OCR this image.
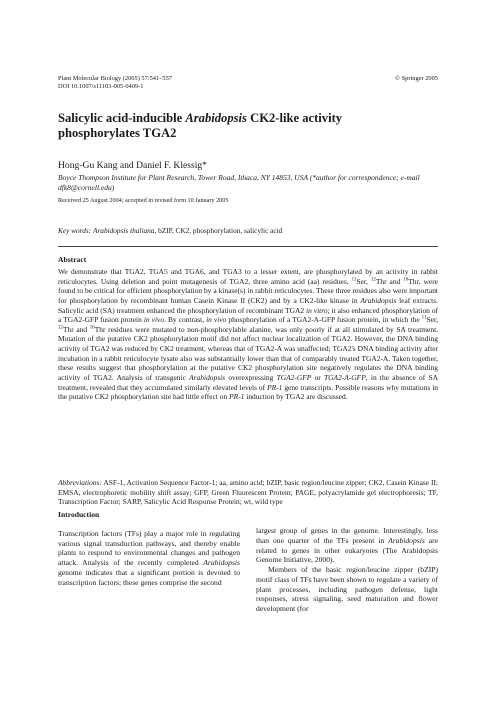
Plant Molecular Biology (2005) 57:541–557
DOI 10.1007/s11103-005-0409-1
© Springer 2005
Salicylic acid-inducible Arabidopsis CK2-like activity
phosphorylates TGA2
Hong-Gu Kang and Daniel F. Klessig*
Boyce Thompson Institute for Plant Research, Tower Road, Ithaca, NY 14853, USA (*author for correspondence; e-mail dfk8@cornell.edu)
Received 25 August 2004; accepted in revised form 10 January 2005
Key words: Arabidopsis thaliana, bZIP, CK2, phosphorylation, salicylic acid
Abstract
We demonstrate that TGA2, TGA5 and TGA6, and TGA3 to a lesser extent, are phosphorylated by an activity in rabbit reticulocytes. Using deletion and point mutagenesis of TGA2, three amino acid (aa) residues, $^{11}$Ser, $^{12}$Thr and $^{16}$Thr, were found to be critical for efficient phosphorylation by a kinase(s) in rabbit reticulocytes. These three residues also were important for phosphorylation by recombinant human Casein Kinase II (CK2) and by a CK2-like kinase in Arabidopsis leaf extracts. Salicylic acid (SA) treatment enhanced the phosphorylation of recombinant TGA2 in vitro; it also enhanced phosphorylation of a TGA2-GFP fusion protein in vivo. By contrast, in vivo phosphorylation of a TGA2-A-GFP fusion protein, in which the $^{11}$Ser, $^{12}$Thr and $^{16}$Thr residues were mutated to non-phosphorylable alanine, was only poorly if at all stimulated by SA treatment. Mutation of the putative CK2 phosphorylation motif did not affect nuclear localization of TGA2. However, the DNA binding activity of TGA2 was reduced by CK2 treatment, whereas that of TGA2-A was unaffected; TGA2's DNA binding activity after incubation in a rabbit reticulocyte lysate also was substantially lower than that of comparably treated TGA2-A. Taken together, these results suggest that phosphorylation at the putative CK2 phosphorylation site negatively regulates the DNA binding activity of TGA2. Analysis of transgenic Arabidopsis overexpressing TGA2-GFP or TGA2-A-GFP, in the absence of SA treatment, revealed that they accumulated similarly elevated levels of PR-1 gene transcripts. Possible reasons why mutations in the putative CK2 phosphorylation site had little effect on PR-1 induction by TGA2 are discussed.
Abbreviations: ASF-1, Activation Sequence Factor-1; aa, amino acid; bZIP, basic region/leucine zipper; CK2, Casein Kinase II; EMSA, electrophoretic mobility shift assay; GFP, Green Fluorescent Protein; PAGE, polyacrylamide gel electrophoresis; TF, Transcription Factor; SARP, Salicylic Acid Response Protein; wt, wild type
Introduction

Transcription factors (TFs) play a major role in regulating various signal transduction pathways, and thereby enable plants to respond to environmental changes and pathogen attack. Analysis of the recently completed Arabidopsis genome indicates that a significant portion is devoted to transcription factors; these genes comprise the second

largest group of genes in the genome. Interestingly, less than one quarter of the TFs present in Arabidopsis are related to genes in other eukaryotes (The Arabidopsis Genome Initiative, 2000).

Members of the basic region/leucine zipper (bZIP) motif class of TFs have been shown to regulate a variety of plant processes, including pathogen defense, light responses, stress signaling, seed maturation and flower development (for
